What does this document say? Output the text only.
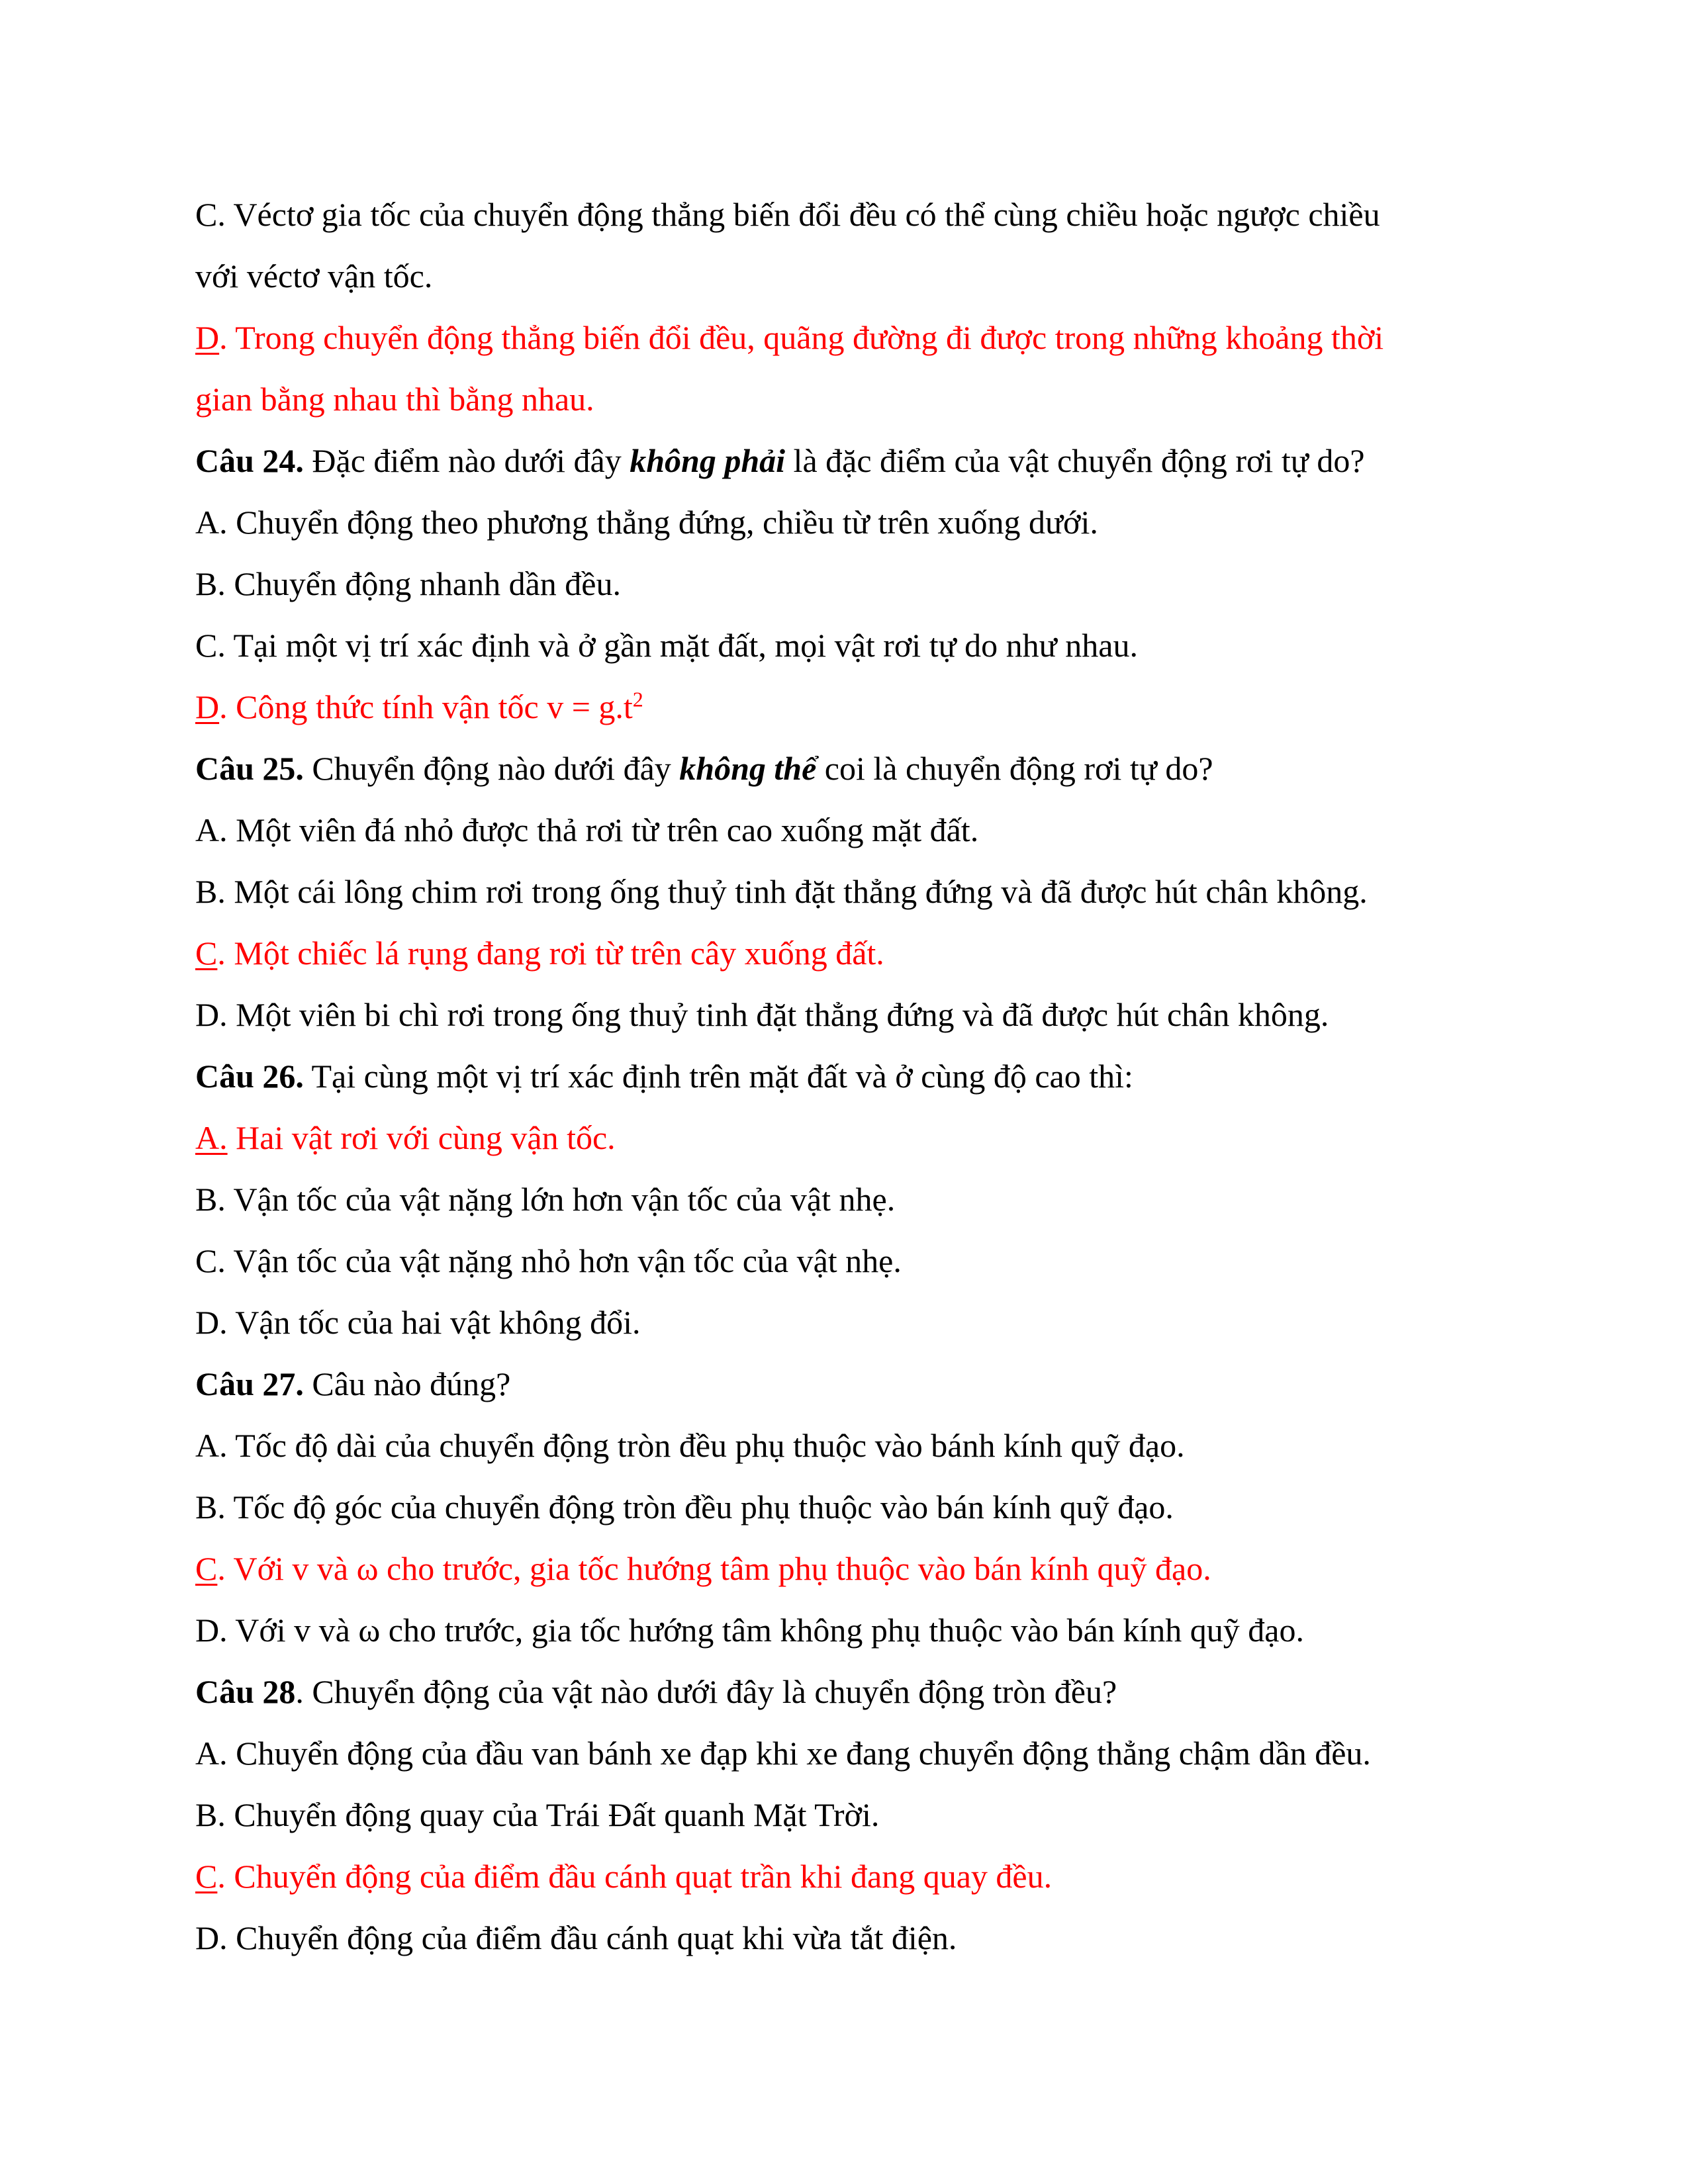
C. Véctơ gia tốc của chuyển động thẳng biến đổi đều có thể cùng chiều hoặc ngược chiều
với véctơ vận tốc.
D. Trong chuyển động thẳng biến đổi đều, quãng đường đi được trong những khoảng thời
gian bằng nhau thì bằng nhau.
Câu 24. Đặc điểm nào dưới đây không phải là đặc điểm của vật chuyển động rơi tự do?
A. Chuyển động theo phương thẳng đứng, chiều từ trên xuống dưới.
B. Chuyển động nhanh dần đều.
C. Tại một vị trí xác định và ở gần mặt đất, mọi vật rơi tự do như nhau.
D. Công thức tính vận tốc $v = g.t^2$
Câu 25. Chuyển động nào dưới đây không thể coi là chuyển động rơi tự do?
A. Một viên đá nhỏ được thả rơi từ trên cao xuống mặt đất.
B. Một cái lông chim rơi trong ống thuỷ tinh đặt thẳng đứng và đã được hút chân không.
C. Một chiếc lá rụng đang rơi từ trên cây xuống đất.
D. Một viên bi chì rơi trong ống thuỷ tinh đặt thẳng đứng và đã được hút chân không.
Câu 26. Tại cùng một vị trí xác định trên mặt đất và ở cùng độ cao thì:
A. Hai vật rơi với cùng vận tốc.
B. Vận tốc của vật nặng lớn hơn vận tốc của vật nhẹ.
C. Vận tốc của vật nặng nhỏ hơn vận tốc của vật nhẹ.
D. Vận tốc của hai vật không đổi.
Câu 27. Câu nào đúng?
A. Tốc độ dài của chuyển động tròn đều phụ thuộc vào bánh kính quỹ đạo.
B. Tốc độ góc của chuyển động tròn đều phụ thuộc vào bán kính quỹ đạo.
C. Với v và ω cho trước, gia tốc hướng tâm phụ thuộc vào bán kính quỹ đạo.
D. Với v và ω cho trước, gia tốc hướng tâm không phụ thuộc vào bán kính quỹ đạo.
Câu 28. Chuyển động của vật nào dưới đây là chuyển động tròn đều?
A. Chuyển động của đầu van bánh xe đạp khi xe đang chuyển động thẳng chậm dần đều.
B. Chuyển động quay của Trái Đất quanh Mặt Trời.
C. Chuyển động của điểm đầu cánh quạt trần khi đang quay đều.
D. Chuyển động của điểm đầu cánh quạt khi vừa tắt điện.
